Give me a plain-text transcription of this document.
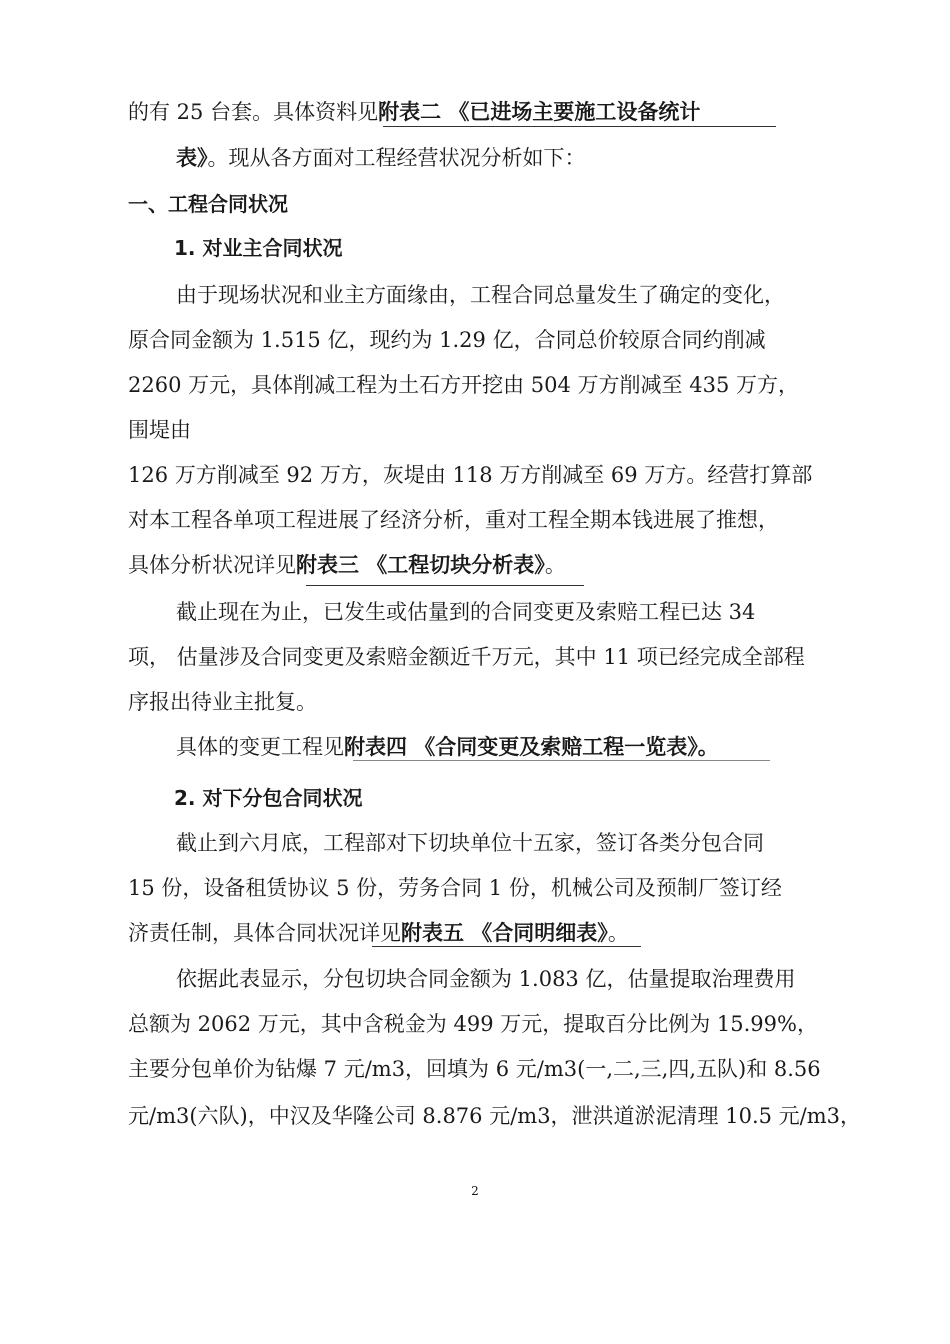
的有 25 台套。具体资料见附表二 《已进场主要施工设备统计
表》。现从各方面对工程经营状况分析如下：
一、工程合同状况
1. 对业主合同状况
由于现场状况和业主方面缘由，工程合同总量发生了确定的变化，
原合同金额为 1.515 亿，现约为 1.29 亿，合同总价较原合同约削减
2260 万元，具体削减工程为土石方开挖由 504 万方削减至 435 万方，
围堤由
126 万方削减至 92 万方，灰堤由 118 万方削减至 69 万方。经营打算部
对本工程各单项工程进展了经济分析，重对工程全期本钱进展了推想，
具体分析状况详见附表三 《工程切块分析表》。
截止现在为止，已发生或估量到的合同变更及索赔工程已达 34
项， 估量涉及合同变更及索赔金额近千万元，其中 11 项已经完成全部程
序报出待业主批复。
具体的变更工程见附表四 《合同变更及索赔工程一览表》。
2. 对下分包合同状况
截止到六月底，工程部对下切块单位十五家，签订各类分包合同
15 份，设备租赁协议 5 份，劳务合同 1 份，机械公司及预制厂签订经
济责任制，具体合同状况详见附表五 《合同明细表》。
依据此表显示，分包切块合同金额为 1.083 亿，估量提取治理费用
总额为 2062 万元，其中含税金为 499 万元，提取百分比例为 15.99%，
主要分包单价为钻爆 7 元/m3，回填为 6 元/m3(一,二,三,四,五队)和 8.56
元/m3(六队)，中汉及华隆公司 8.876 元/m3，泄洪道淤泥清理 10.5 元/m3，
2
